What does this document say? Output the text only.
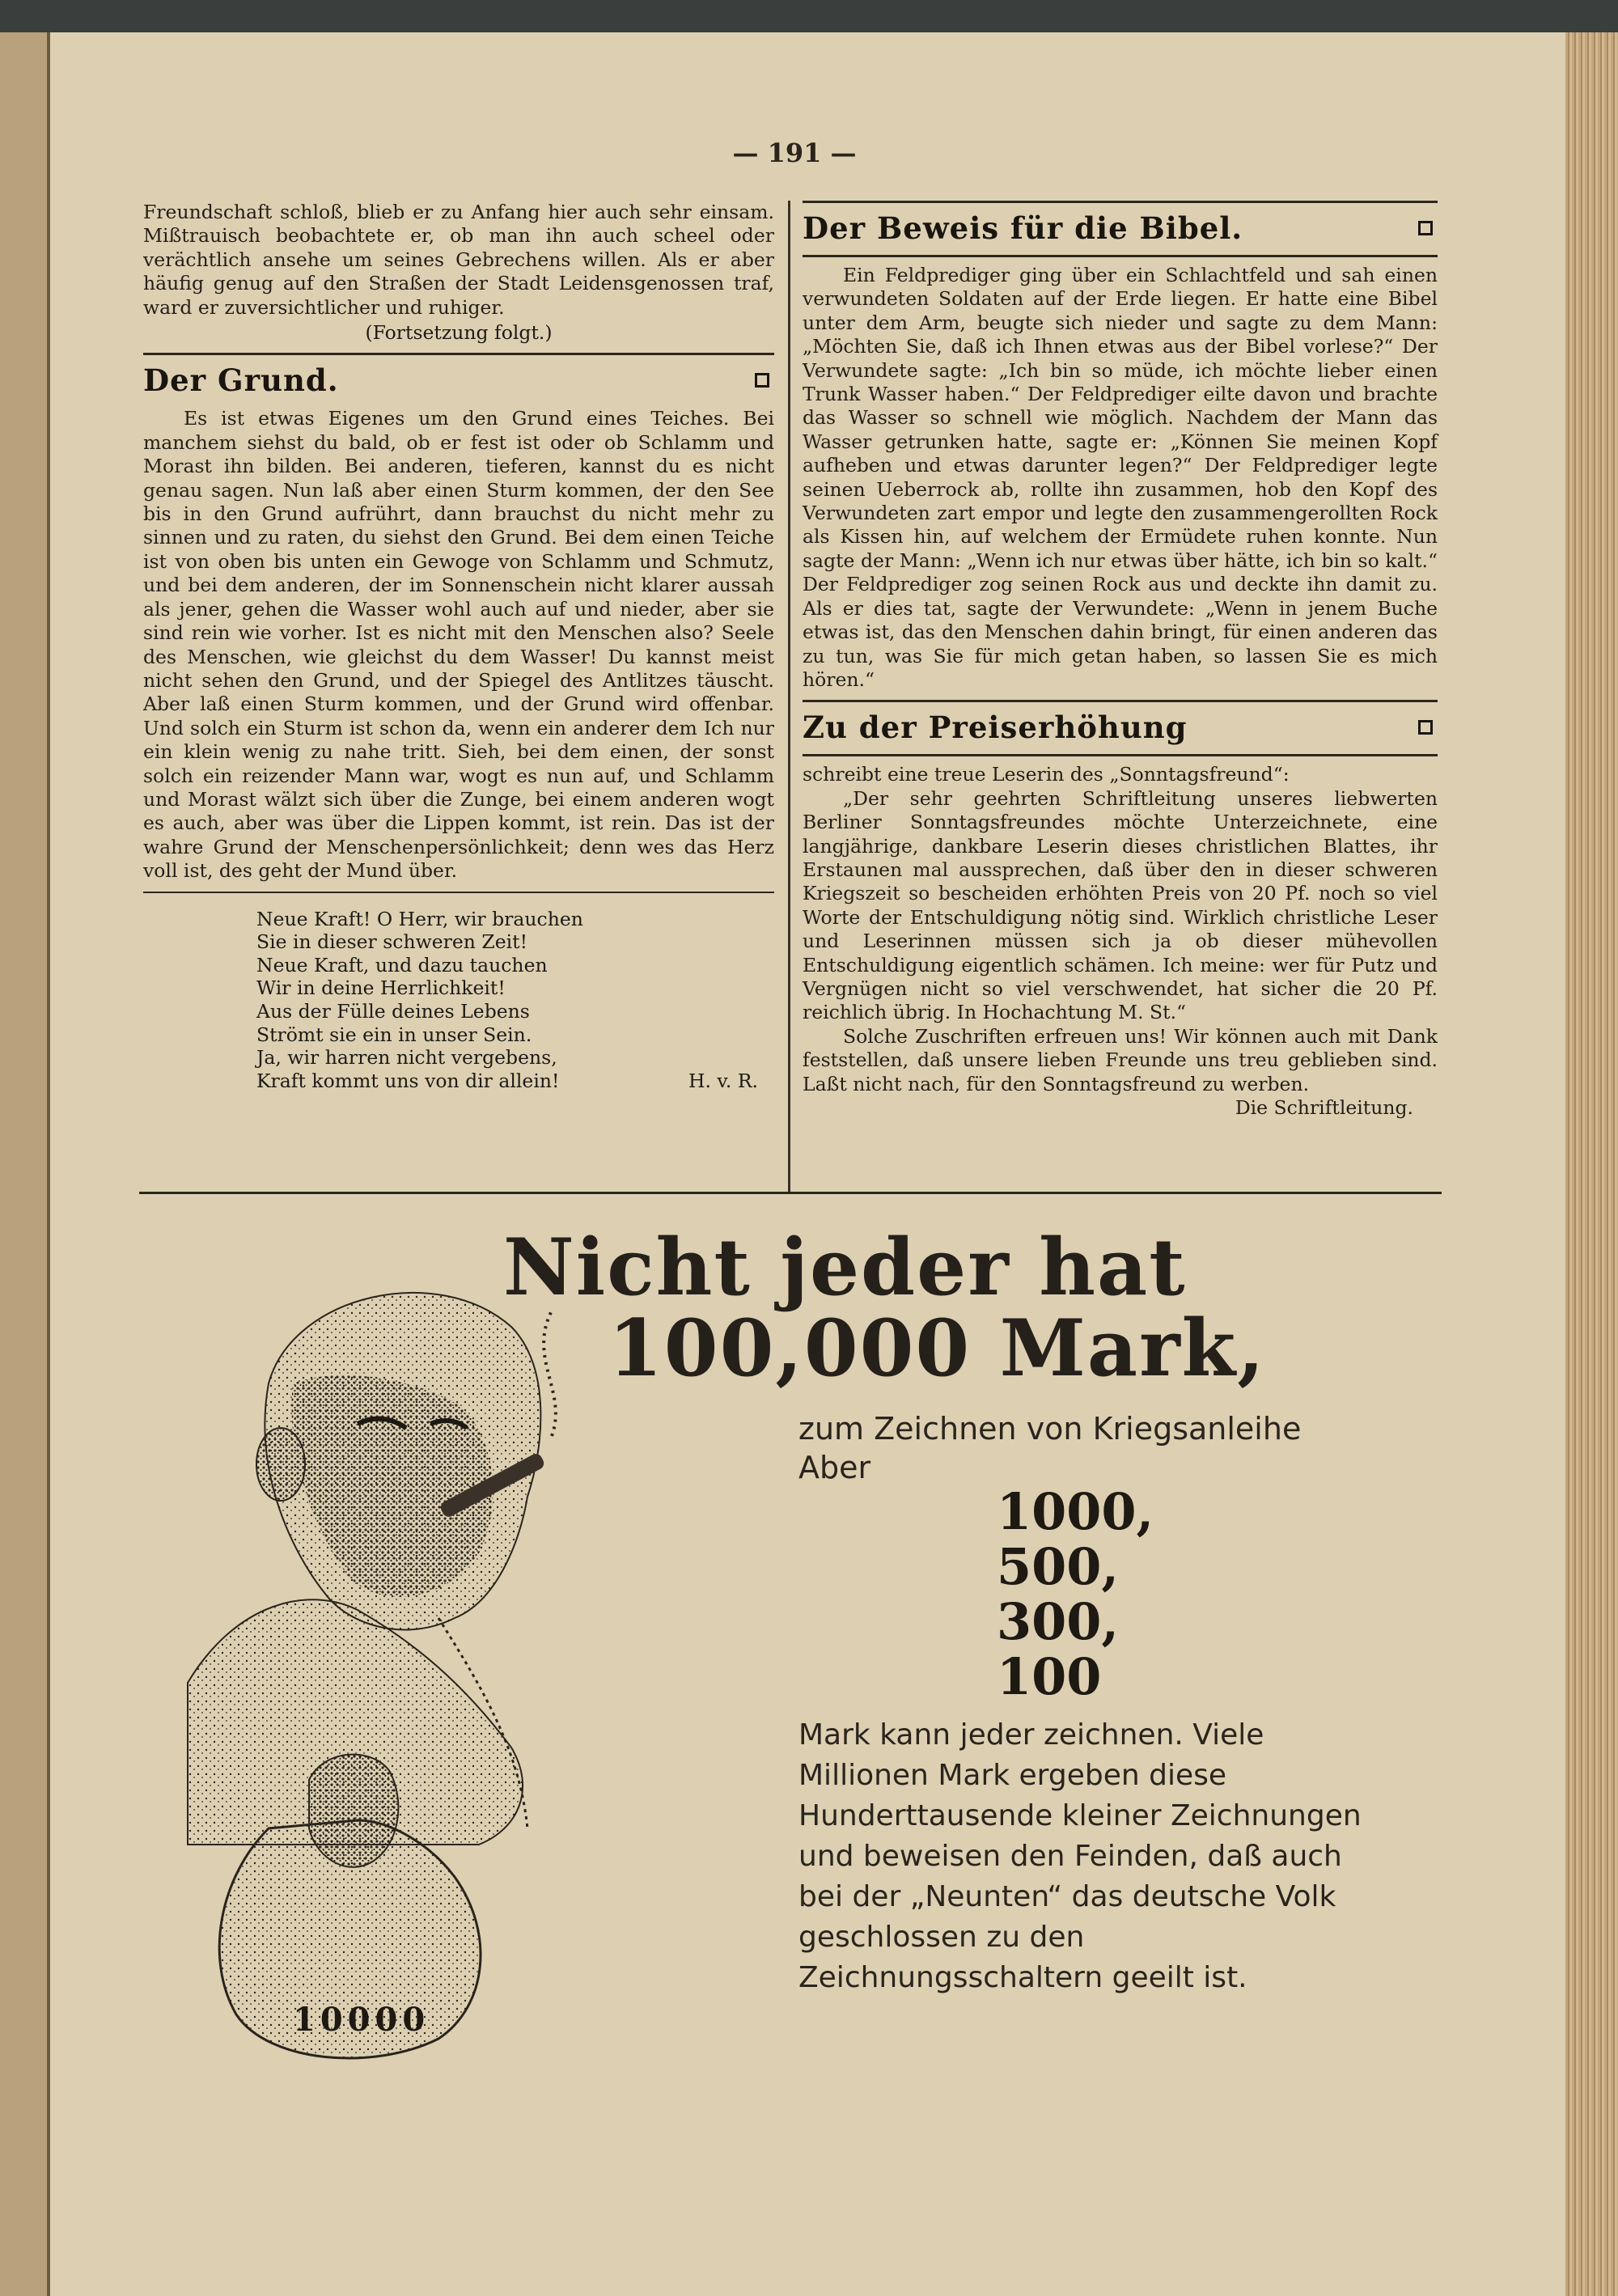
— 191 —

Freundschaft schloß, blieb er zu Anfang hier auch sehr einsam. Mißtrauisch beobachtete er, ob man ihn auch scheel oder verächtlich ansehe um seines Gebrechens willen. Als er aber häufig genug auf den Straßen der Stadt Leidensgenossen traf, ward er zuversichtlicher und ruhiger.

(Fortsetzung folgt.)

Der Grund.

Es ist etwas Eigenes um den Grund eines Teiches. Bei manchem siehst du bald, ob er fest ist oder ob Schlamm und Morast ihn bilden. Bei anderen, tieferen, kannst du es nicht genau sagen. Nun laß aber einen Sturm kommen, der den See bis in den Grund aufrührt, dann brauchst du nicht mehr zu sinnen und zu raten, du siehst den Grund. Bei dem einen Teiche ist von oben bis unten ein Gewoge von Schlamm und Schmutz, und bei dem anderen, der im Sonnenschein nicht klarer aussah als jener, gehen die Wasser wohl auch auf und nieder, aber sie sind rein wie vorher. Ist es nicht mit den Menschen also? Seele des Menschen, wie gleichst du dem Wasser! Du kannst meist nicht sehen den Grund, und der Spiegel des Antlitzes täuscht. Aber laß einen Sturm kommen, und der Grund wird offenbar. Und solch ein Sturm ist schon da, wenn ein anderer dem Ich nur ein klein wenig zu nahe tritt. Sieh, bei dem einen, der sonst solch ein reizender Mann war, wogt es nun auf, und Schlamm und Morast wälzt sich über die Zunge, bei einem anderen wogt es auch, aber was über die Lippen kommt, ist rein. Das ist der wahre Grund der Menschenpersönlichkeit; denn wes das Herz voll ist, des geht der Mund über.

Neue Kraft! O Herr, wir brauchen
Sie in dieser schweren Zeit!
Neue Kraft, und dazu tauchen
Wir in deine Herrlichkeit!
Aus der Fülle deines Lebens
Strömt sie ein in unser Sein.
Ja, wir harren nicht vergebens,
Kraft kommt uns von dir allein!	H. v. R.
Der Beweis für die Bibel.

Ein Feldprediger ging über ein Schlachtfeld und sah einen verwundeten Soldaten auf der Erde liegen. Er hatte eine Bibel unter dem Arm, beugte sich nieder und sagte zu dem Mann: „Möchten Sie, daß ich Ihnen etwas aus der Bibel vorlese?“ Der Verwundete sagte: „Ich bin so müde, ich möchte lieber einen Trunk Wasser haben.“ Der Feldprediger eilte davon und brachte das Wasser so schnell wie möglich. Nachdem der Mann das Wasser getrunken hatte, sagte er: „Können Sie meinen Kopf aufheben und etwas darunter legen?“ Der Feldprediger legte seinen Ueberrock ab, rollte ihn zusammen, hob den Kopf des Verwundeten zart empor und legte den zusammengerollten Rock als Kissen hin, auf welchem der Ermüdete ruhen konnte. Nun sagte der Mann: „Wenn ich nur etwas über hätte, ich bin so kalt.“ Der Feldprediger zog seinen Rock aus und deckte ihn damit zu. Als er dies tat, sagte der Verwundete: „Wenn in jenem Buche etwas ist, das den Menschen dahin bringt, für einen anderen das zu tun, was Sie für mich getan haben, so lassen Sie es mich hören.“

Zu der Preiserhöhung

schreibt eine treue Leserin des „Sonntagsfreund“:

„Der sehr geehrten Schriftleitung unseres liebwerten Berliner Sonntagsfreundes möchte Unterzeichnete, eine langjährige, dankbare Leserin dieses christlichen Blattes, ihr Erstaunen mal aussprechen, daß über den in dieser schweren Kriegszeit so bescheiden erhöhten Preis von 20 Pf. noch so viel Worte der Entschuldigung nötig sind. Wirklich christliche Leser und Leserinnen müssen sich ja ob dieser mühevollen Entschuldigung eigentlich schämen. Ich meine: wer für Putz und Vergnügen nicht so viel verschwendet, hat sicher die 20 Pf. reichlich übrig. In Hochachtung M. St.“

Solche Zuschriften erfreuen uns! Wir können auch mit Dank feststellen, daß unsere lieben Freunde uns treu geblieben sind. Laßt nicht nach, für den Sonntagsfreund zu werben.

Die Schriftleitung.

10000
Nicht jeder hat
100,000 Mark,
zum Zeichnen von Kriegsanleihe
Aber
1000,
500,
300,
100
Mark kann jeder zeichnen. Viele Millionen Mark ergeben diese Hunderttausende kleiner Zeichnungen und beweisen den Feinden, daß auch bei der „Neunten“ das deutsche Volk geschlossen zu den Zeichnungsschaltern geeilt ist.
